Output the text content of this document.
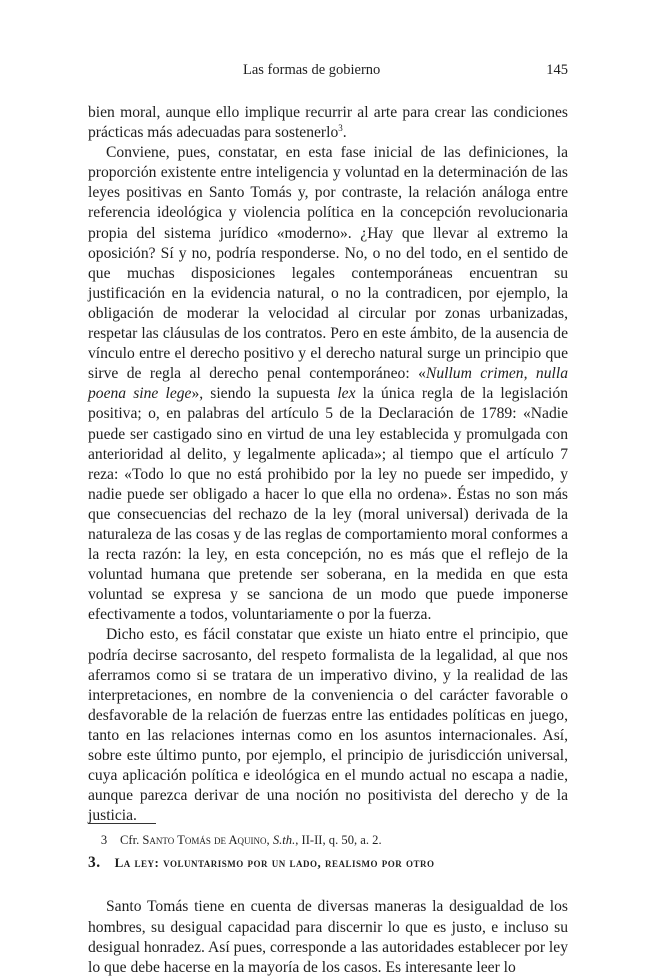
Las formas de gobierno	145

bien moral, aunque ello implique recurrir al arte para crear las condiciones prácticas más adecuadas para sostenerlo$^3$.

Conviene, pues, constatar, en esta fase inicial de las definiciones, la proporción existente entre inteligencia y voluntad en la determinación de las leyes positivas en Santo Tomás y, por contraste, la relación análoga entre referencia ideológica y violencia política en la concepción revolucionaria propia del sistema jurídico «moderno». ¿Hay que llevar al extremo la oposición? Sí y no, podría responderse. No, o no del todo, en el sentido de que muchas disposiciones legales contemporáneas encuentran su justificación en la evidencia natural, o no la contradicen, por ejemplo, la obligación de moderar la velocidad al circular por zonas urbanizadas, respetar las cláusulas de los contratos. Pero en este ámbito, de la ausencia de vínculo entre el derecho positivo y el derecho natural surge un principio que sirve de regla al derecho penal contemporáneo: «Nullum crimen, nulla poena sine lege», siendo la supuesta lex la única regla de la legislación positiva; o, en palabras del artículo 5 de la Declaración de 1789: «Nadie puede ser castigado sino en virtud de una ley establecida y promulgada con anterioridad al delito, y legalmente aplicada»; al tiempo que el artículo 7 reza: «Todo lo que no está prohibido por la ley no puede ser impedido, y nadie puede ser obligado a hacer lo que ella no ordena». Éstas no son más que consecuencias del rechazo de la ley (moral universal) derivada de la naturaleza de las cosas y de las reglas de comportamiento moral conformes a la recta razón: la ley, en esta concepción, no es más que el reflejo de la voluntad humana que pretende ser soberana, en la medida en que esta voluntad se expresa y se sanciona de un modo que puede imponerse efectivamente a todos, voluntariamente o por la fuerza.

Dicho esto, es fácil constatar que existe un hiato entre el principio, que podría decirse sacrosanto, del respeto formalista de la legalidad, al que nos aferramos como si se tratara de un imperativo divino, y la realidad de las interpretaciones, en nombre de la conveniencia o del carácter favorable o desfavorable de la relación de fuerzas entre las entidades políticas en juego, tanto en las relaciones internas como en los asuntos internacionales. Así, sobre este último punto, por ejemplo, el principio de jurisdicción universal, cuya aplicación política e ideológica en el mundo actual no escapa a nadie, aunque parezca derivar de una noción no positivista del derecho y de la justicia.

3. La ley: voluntarismo por un lado, realismo por otro

Santo Tomás tiene en cuenta de diversas maneras la desigualdad de los hombres, su desigual capacidad para discernir lo que es justo, e incluso su desigual honradez. Así pues, corresponde a las autoridades establecer por ley lo que debe hacerse en la mayoría de los casos. Es interesante leer lo

3 Cfr. Santo Tomás de Aquino, S.th., II-II, q. 50, a. 2.
